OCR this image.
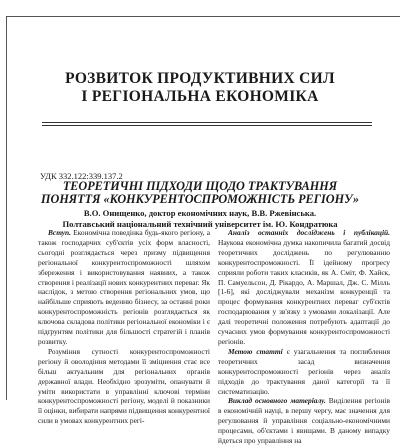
РОЗВИТОК ПРОДУКТИВНИХ СИЛ
І РЕГІОНАЛЬНА ЕКОНОМІКА
УДК 332.122:339.137.2
ТЕОРЕТИЧНІ ПІДХОДИ ЩОДО ТРАКТУВАННЯ
ПОНЯТТЯ «КОНКУРЕНТОСПРОМОЖНІСТЬ РЕГІОНУ»
В.О. Онищенко, доктор економічних наук, В.В. Ржевiнська.
Полтавський національний технічний університет ім. Ю. Кондратюка

Вступ. Економічна поведінка будь-якого регіону, а також господарчих суб'єктів усіх форм власності, сьогодні розглядається через призму підвищення регіональної конкурентоспроможності шляхом збереження і використовування наявних, а також створення і реалізації нових конкурентних переваг. Як наслідок, з метою створення регіональних умов, що найбільше сприяють веденню бізнесу, за останні роки конкурентоспроможність регіонів розглядається як ключова складова політики регіональної економіки і є підґрунтям політики для більшості стратегій і планів розвитку.

Розуміння сутності конкурентоспроможності регіону й оволодіння методами її зміцнення стає все більш актуальним для регіональних органів державної влади. Необхідно зрозуміти, опанувати й уміти використати в управлінні ключові терміни конкурентоспроможності регіону, моделі й показники її оцінки, вибирати напрями підвищення конкурентної сили в умовах конкурентних регі-

Аналіз останніх досліджень і публікацій. Наукова економічна думка накопичила багатий досвід теоретичних досліджень по регулюванню конкурентоспроможності. Її ідейному прогресу сприяли роботи таких класиків, як А. Сміт, Ф. Хайєк, П. Самуельсон, Д. Рікардо, А. Маршал, Дж. С. Мілль [1-6], які досліджували механізм конкуренції та процес формування конкурентних переваг суб'єктів господарювання у зв'язку з умовами локалізації. Але далі теоретичні положення потребують адаптації до сучасних умов формування конкурентоспроможності регіонів.

Метою статті є узагальнення та поглиблення теоретичних засад визначення конкурентоспроможності регіонів через аналіз підходів до трактування даної категорії та її систематизацію.

Виклад основного матеріалу. Виділення регіонів в економічній науці, в першу чергу, має значення для регулювання й управління соціально-економічними процесами, об'єктами і явищами. В даному випадку йдеться про управління на
